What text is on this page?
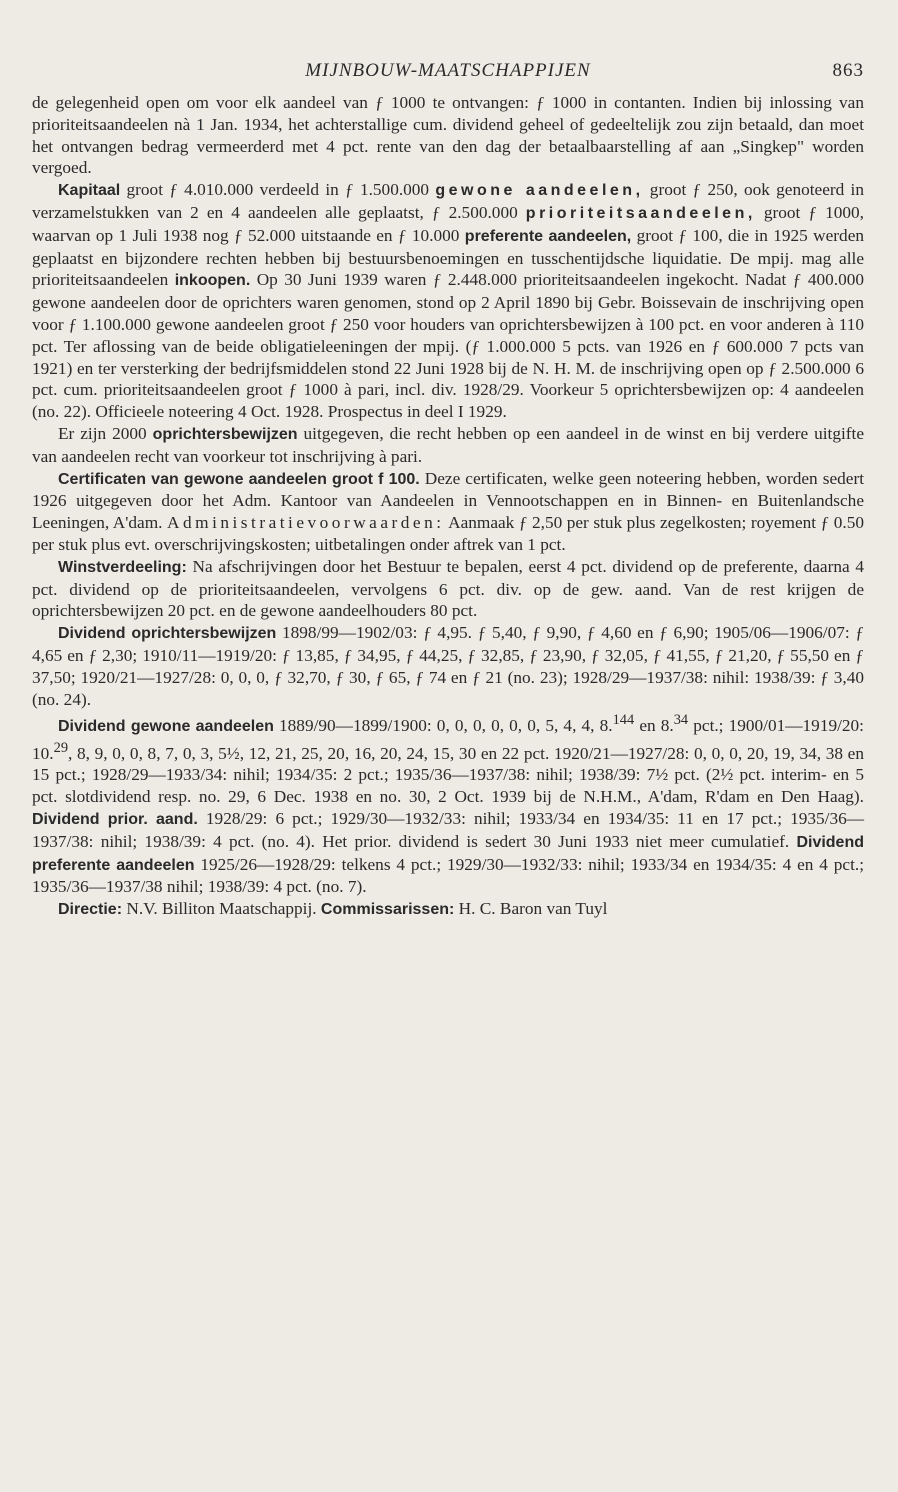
MIJNBOUW-MAATSCHAPPIJEN	863

de gelegenheid open om voor elk aandeel van ƒ 1000 te ontvangen: ƒ 1000 in contanten. Indien bij inlossing van prioriteitsaandeelen nà 1 Jan. 1934, het achterstallige cum. dividend geheel of gedeeltelijk zou zijn betaald, dan moet het ontvangen bedrag vermeerderd met 4 pct. rente van den dag der betaalbaarstelling af aan „Singkep" worden vergoed.

Kapitaal groot ƒ 4.010.000 verdeeld in ƒ 1.500.000 gewone aandeelen, groot ƒ 250, ook genoteerd in verzamelstukken van 2 en 4 aandeelen alle geplaatst, ƒ 2.500.000 prioriteitsaandeelen, groot ƒ 1000, waarvan op 1 Juli 1938 nog ƒ 52.000 uitstaande en ƒ 10.000 preferente aandeelen, groot ƒ 100, die in 1925 werden geplaatst en bijzondere rechten hebben bij bestuursbenoemingen en tusschentijdsche liquidatie. De mpij. mag alle prioriteitsaandeelen inkoopen. Op 30 Juni 1939 waren ƒ 2.448.000 prioriteitsaandeelen ingekocht. Nadat ƒ 400.000 gewone aandeelen door de oprichters waren genomen, stond op 2 April 1890 bij Gebr. Boissevain de inschrijving open voor ƒ 1.100.000 gewone aandeelen groot ƒ 250 voor houders van oprichtersbewijzen à 100 pct. en voor anderen à 110 pct. Ter aflossing van de beide obligatieleeningen der mpij. (ƒ 1.000.000 5 pcts. van 1926 en ƒ 600.000 7 pcts van 1921) en ter versterking der bedrijfsmiddelen stond 22 Juni 1928 bij de N. H. M. de inschrijving open op ƒ 2.500.000 6 pct. cum. prioriteitsaandeelen groot ƒ 1000 à pari, incl. div. 1928/29. Voorkeur 5 oprichtersbewijzen op: 4 aandeelen (no. 22). Officieele noteering 4 Oct. 1928. Prospectus in deel I 1929.

Er zijn 2000 oprichtersbewijzen uitgegeven, die recht hebben op een aandeel in de winst en bij verdere uitgifte van aandeelen recht van voorkeur tot inschrijving à pari.

Certificaten van gewone aandeelen groot f 100. Deze certificaten, welke geen noteering hebben, worden sedert 1926 uitgegeven door het Adm. Kantoor van Aandeelen in Vennootschappen en in Binnen- en Buitenlandsche Leeningen, A'dam. Administratievoorwaarden: Aanmaak ƒ 2,50 per stuk plus zegelkosten; royement ƒ 0.50 per stuk plus evt. overschrijvingskosten; uitbetalingen onder aftrek van 1 pct.

Winstverdeeling: Na afschrijvingen door het Bestuur te bepalen, eerst 4 pct. dividend op de preferente, daarna 4 pct. dividend op de prioriteitsaandeelen, vervolgens 6 pct. div. op de gew. aand. Van de rest krijgen de oprichtersbewijzen 20 pct. en de gewone aandeelhouders 80 pct.

Dividend oprichtersbewijzen 1898/99—1902/03: ƒ 4,95. ƒ 5,40, ƒ 9,90, ƒ 4,60 en ƒ 6,90; 1905/06—1906/07: ƒ 4,65 en ƒ 2,30; 1910/11—1919/20: ƒ 13,85, ƒ 34,95, ƒ 44,25, ƒ 32,85, ƒ 23,90, ƒ 32,05, ƒ 41,55, ƒ 21,20, ƒ 55,50 en ƒ 37,50; 1920/21—1927/28: 0, 0, 0, ƒ 32,70, ƒ 30, ƒ 65, ƒ 74 en ƒ 21 (no. 23); 1928/29—1937/38: nihil: 1938/39: ƒ 3,40 (no. 24).

Dividend gewone aandeelen 1889/90—1899/1900: 0, 0, 0, 0, 0, 0, 5, 4, 4, 8.$^{144}$ en 8.34 pct.; 1900/01—1919/20: 10.29, 8, 9, 0, 0, 8, 7, 0, 3, 5½, 12, 21, 25, 20, 16, 20, 24, 15, 30 en 22 pct. 1920/21—1927/28: 0, 0, 0, 20, 19, 34, 38 en 15 pct.; 1928/29—1933/34: nihil; 1934/35: 2 pct.; 1935/36—1937/38: nihil; 1938/39: 7½ pct. (2½ pct. interim- en 5 pct. slotdividend resp. no. 29, 6 Dec. 1938 en no. 30, 2 Oct. 1939 bij de N.H.M., A'dam, R'dam en Den Haag). Dividend prior. aand. 1928/29: 6 pct.; 1929/30—1932/33: nihil; 1933/34 en 1934/35: 11 en 17 pct.; 1935/36—1937/38: nihil; 1938/39: 4 pct. (no. 4). Het prior. dividend is sedert 30 Juni 1933 niet meer cumulatief. Dividend preferente aandeelen 1925/26—1928/29: telkens 4 pct.; 1929/30—1932/33: nihil; 1933/34 en 1934/35: 4 en 4 pct.; 1935/36—1937/38 nihil; 1938/39: 4 pct. (no. 7).

Directie: N.V. Billiton Maatschappij. Commissarissen: H. C. Baron van Tuyl
